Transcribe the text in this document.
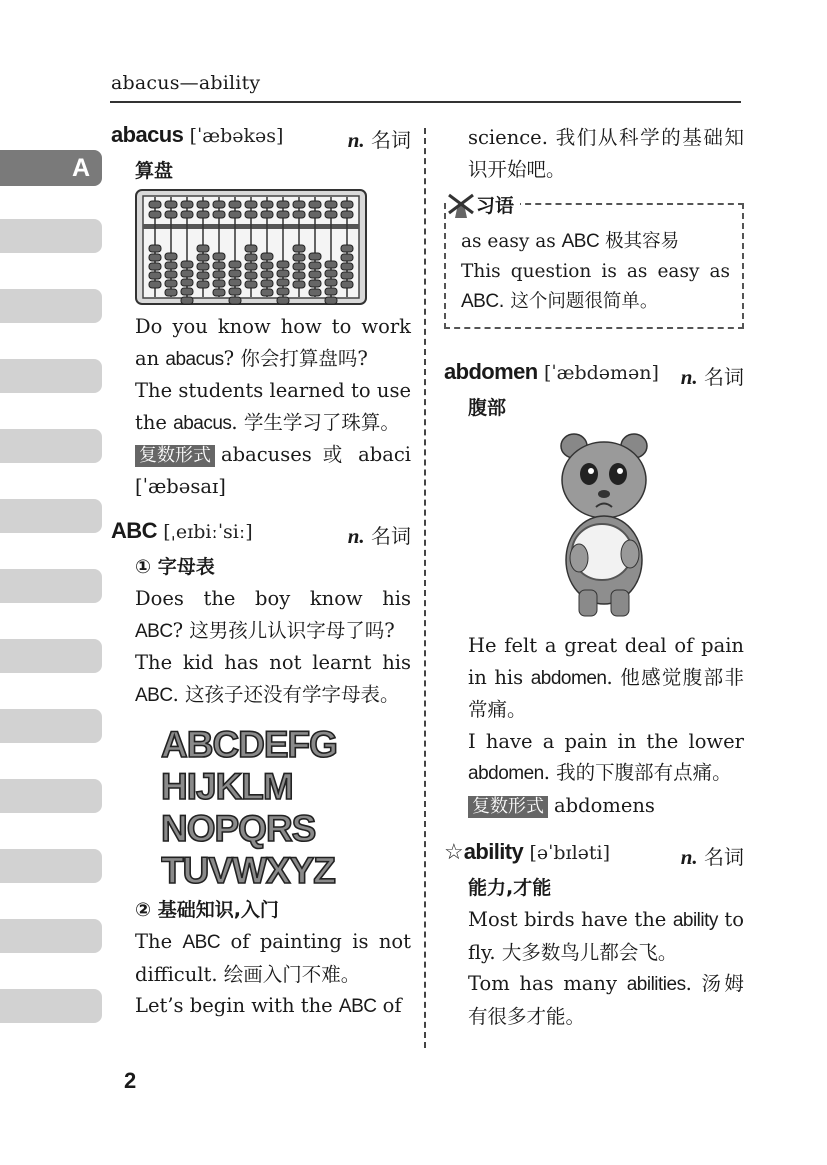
abacus—ability
A
abacus [ˈæbəkəs]	n. 名词
算盘
Do you know how to work an abacus? 你会打算盘吗?
The students learned to use the abacus. 学生学习了珠算。
复数形式 abacuses 或 abaci [ˈæbəsaɪ]
ABC [ˌeɪbiːˈsiː]	n. 名词
① 字母表
Does the boy know his ABC? 这男孩儿认识字母了吗?
The kid has not learnt his ABC. 这孩子还没有学字母表。
ABCDEFG
HIJKLM
NOPQRS
TUVWXYZ
② 基础知识,入门
The ABC of painting is not difficult. 绘画入门不难。
Let’s begin with the ABC of
science. 我们从科学的基础知识开始吧。
习语
as easy as ABC 极其容易
This question is as easy as ABC. 这个问题很简单。
abdomen [ˈæbdəmən] n. 名词
腹部
He felt a great deal of pain in his abdomen. 他感觉腹部非常痛。
I have a pain in the lower abdomen. 我的下腹部有点痛。
复数形式 abdomens
☆ability [əˈbɪləti]	n. 名词
能力,才能
Most birds have the ability to fly. 大多数鸟儿都会飞。
Tom has many abilities. 汤姆有很多才能。
2
